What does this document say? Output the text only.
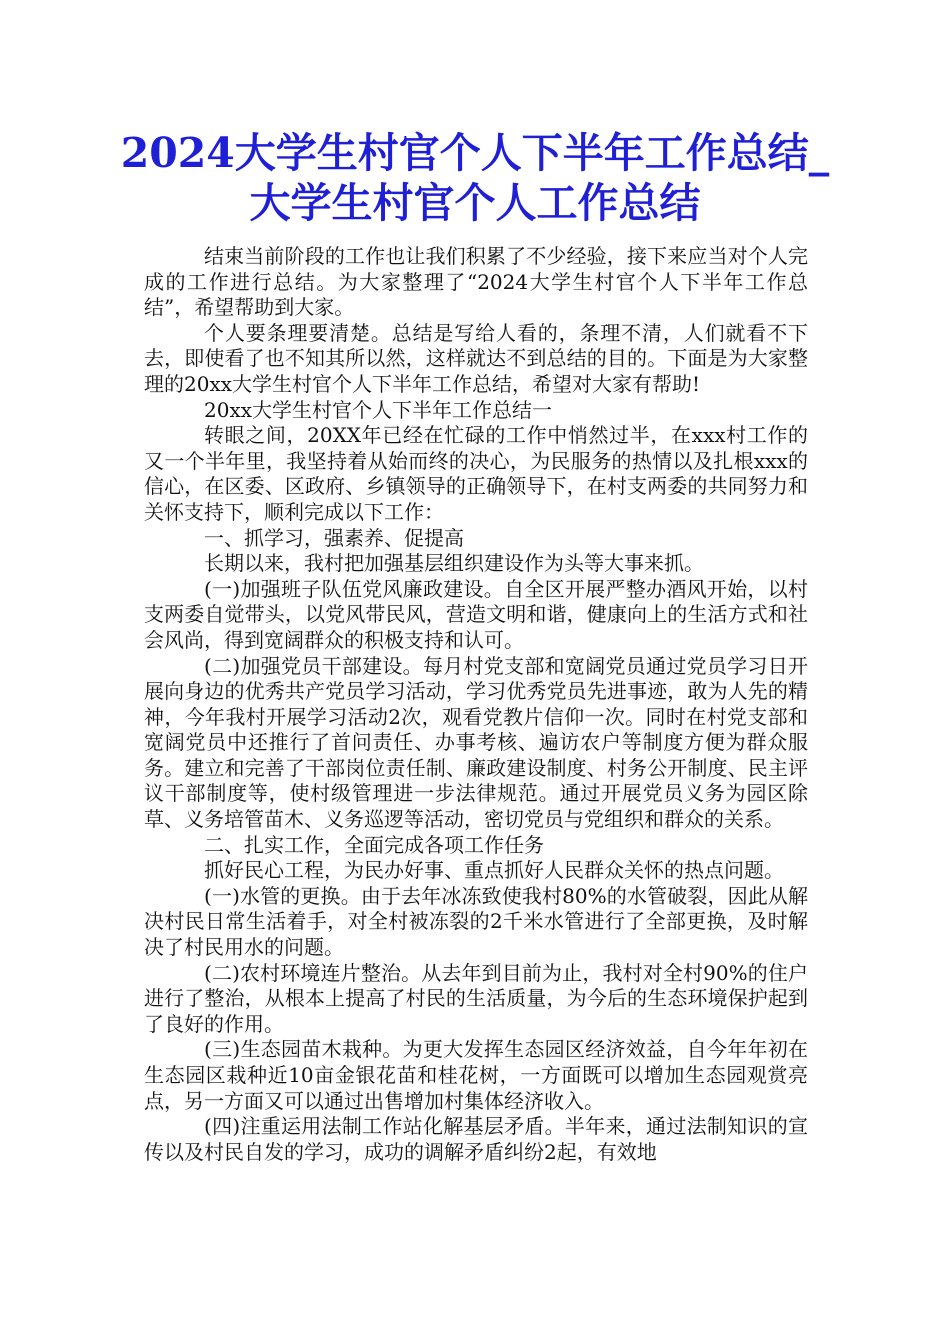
2024大学生村官个人下半年工作总结_大学生村官个人工作总结

结束当前阶段的工作也让我们积累了不少经验，接下来应当对个人完成的工作进行总结。为大家整理了“2024大学生村官个人下半年工作总结”，希望帮助到大家。

个人要条理要清楚。总结是写给人看的，条理不清，人们就看不下去，即使看了也不知其所以然，这样就达不到总结的目的。下面是为大家整理的20xx大学生村官个人下半年工作总结，希望对大家有帮助!

20xx大学生村官个人下半年工作总结一

转眼之间，20XX年已经在忙碌的工作中悄然过半，在xxx村工作的又一个半年里，我坚持着从始而终的决心，为民服务的热情以及扎根xxx的信心，在区委、区政府、乡镇领导的正确领导下，在村支两委的共同努力和关怀支持下，顺利完成以下工作：

一、抓学习，强素养、促提高

长期以来，我村把加强基层组织建设作为头等大事来抓。

(一)加强班子队伍党风廉政建设。自全区开展严整办酒风开始，以村支两委自觉带头，以党风带民风，营造文明和谐，健康向上的生活方式和社会风尚，得到宽阔群众的积极支持和认可。

(二)加强党员干部建设。每月村党支部和宽阔党员通过党员学习日开展向身边的优秀共产党员学习活动，学习优秀党员先进事迹，敢为人先的精神，今年我村开展学习活动2次，观看党教片信仰一次。同时在村党支部和宽阔党员中还推行了首问责任、办事考核、遍访农户等制度方便为群众服务。建立和完善了干部岗位责任制、廉政建设制度、村务公开制度、民主评议干部制度等，使村级管理进一步法律规范。通过开展党员义务为园区除草、义务培管苗木、义务巡逻等活动，密切党员与党组织和群众的关系。

二、扎实工作，全面完成各项工作任务

抓好民心工程，为民办好事、重点抓好人民群众关怀的热点问题。

(一)水管的更换。由于去年冰冻致使我村80%的水管破裂，因此从解决村民日常生活着手，对全村被冻裂的2千米水管进行了全部更换，及时解决了村民用水的问题。

(二)农村环境连片整治。从去年到目前为止，我村对全村90%的住户进行了整治，从根本上提高了村民的生活质量，为今后的生态环境保护起到了良好的作用。

(三)生态园苗木栽种。为更大发挥生态园区经济效益，自今年年初在生态园区栽种近10亩金银花苗和桂花树，一方面既可以增加生态园观赏亮点，另一方面又可以通过出售增加村集体经济收入。

(四)注重运用法制工作站化解基层矛盾。半年来，通过法制知识的宣传以及村民自发的学习，成功的调解矛盾纠纷2起，有效地
